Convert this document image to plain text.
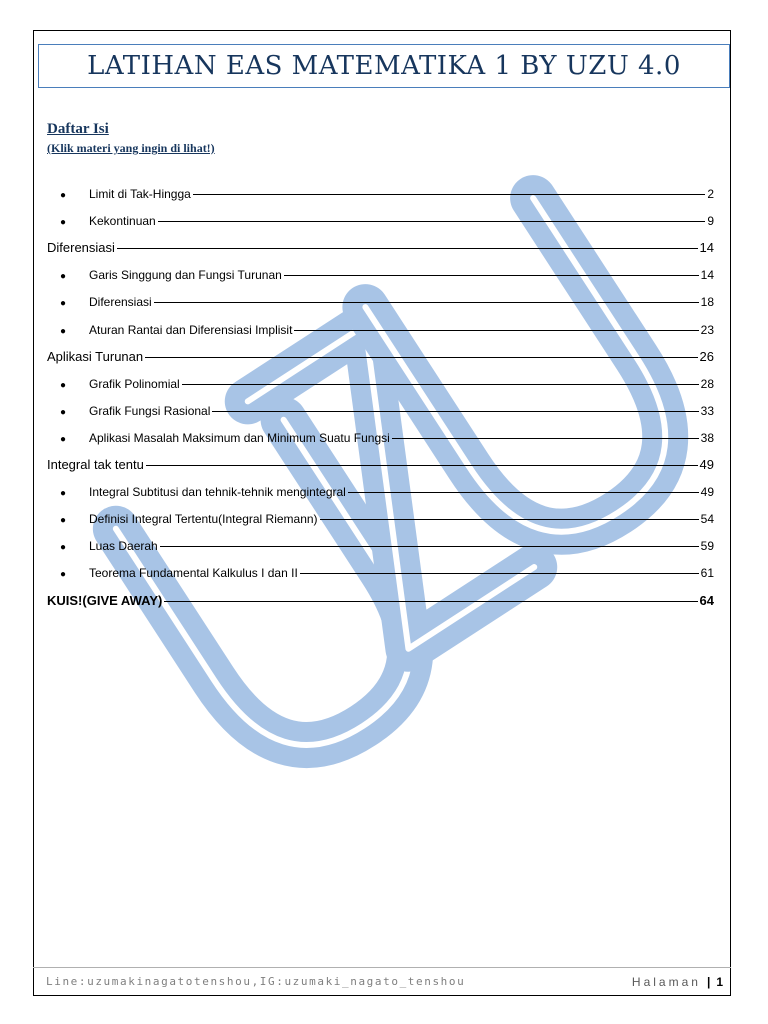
LATIHAN EAS MATEMATIKA 1 BY UZU 4.0
Daftar Isi
(Klik materi yang ingin di lihat!)
●	Limit di Tak-Hingga	2
●	Kekontinuan	9
Diferensiasi	14
●	Garis Singgung dan Fungsi Turunan	14
●	Diferensiasi	18
●	Aturan Rantai dan Diferensiasi Implisit	23
Aplikasi Turunan	26
●	Grafik Polinomial	28
●	Grafik Fungsi Rasional	33
●	Aplikasi Masalah Maksimum dan Minimum Suatu Fungsi	38
Integral tak tentu	49
●	Integral Subtitusi dan tehnik-tehnik mengintegral	49
●	Definisi Integral Tertentu(Integral Riemann)	54
●	Luas Daerah	59
●	Teorema Fundamental Kalkulus I dan II	61
KUIS!(GIVE AWAY)	64
Line:uzumakinagatotenshou,IG:uzumaki_nagato_tenshou	Halaman | 1
